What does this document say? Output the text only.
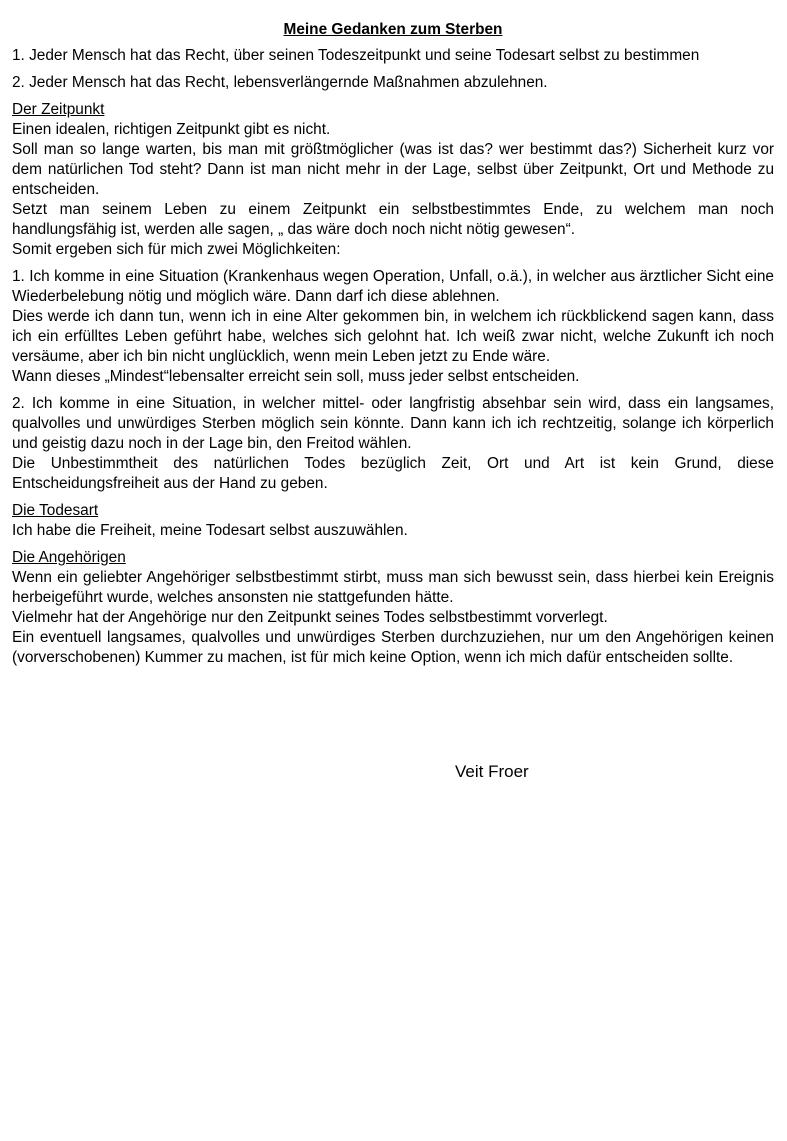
Meine Gedanken zum Sterben

1. Jeder Mensch hat das Recht, über seinen Todeszeitpunkt und seine Todesart selbst zu bestimmen

2. Jeder Mensch hat das Recht, lebensverlängernde Maßnahmen abzulehnen.

Der Zeitpunkt

Einen idealen, richtigen Zeitpunkt gibt es nicht.

Soll man so lange warten, bis man mit größtmöglicher (was ist das? wer bestimmt das?) Sicherheit kurz vor dem natürlichen Tod steht? Dann ist man nicht mehr in der Lage, selbst über Zeitpunkt, Ort und Methode zu entscheiden.

Setzt man seinem Leben zu einem Zeitpunkt ein selbstbestimmtes Ende, zu welchem man noch handlungsfähig ist, werden alle sagen, „ das wäre doch noch nicht nötig gewesen“.

Somit ergeben sich für mich zwei Möglichkeiten:

1. Ich komme in eine Situation (Krankenhaus wegen Operation, Unfall, o.ä.), in welcher aus ärztlicher Sicht eine Wiederbelebung nötig und möglich wäre. Dann darf ich diese ablehnen.

Dies werde ich dann tun, wenn ich in eine Alter gekommen bin, in welchem ich rückblickend sagen kann, dass ich ein erfülltes Leben geführt habe, welches sich gelohnt hat. Ich weiß zwar nicht, welche Zukunft ich noch versäume, aber ich bin nicht unglücklich, wenn mein Leben jetzt zu Ende wäre.

Wann dieses „Mindest“lebensalter erreicht sein soll, muss jeder selbst entscheiden.

2. Ich komme in eine Situation, in welcher mittel- oder langfristig absehbar sein wird, dass ein langsames, qualvolles und unwürdiges Sterben möglich sein könnte. Dann kann ich ich rechtzeitig, solange ich körperlich und geistig dazu noch in der Lage bin, den Freitod wählen.

Die Unbestimmtheit des natürlichen Todes bezüglich Zeit, Ort und Art ist kein Grund, diese Entscheidungsfreiheit aus der Hand zu geben.

Die Todesart

Ich habe die Freiheit, meine Todesart selbst auszuwählen.

Die Angehörigen

Wenn ein geliebter Angehöriger selbstbestimmt stirbt, muss man sich bewusst sein, dass hierbei kein Ereignis herbeigeführt wurde, welches ansonsten nie stattgefunden hätte.

Vielmehr hat der Angehörige nur den Zeitpunkt seines Todes selbstbestimmt vorverlegt.

Ein eventuell langsames, qualvolles und unwürdiges Sterben durchzuziehen, nur um den Angehörigen keinen (vorverschobenen) Kummer zu machen, ist für mich keine Option, wenn ich mich dafür entscheiden sollte.

Veit Froer
